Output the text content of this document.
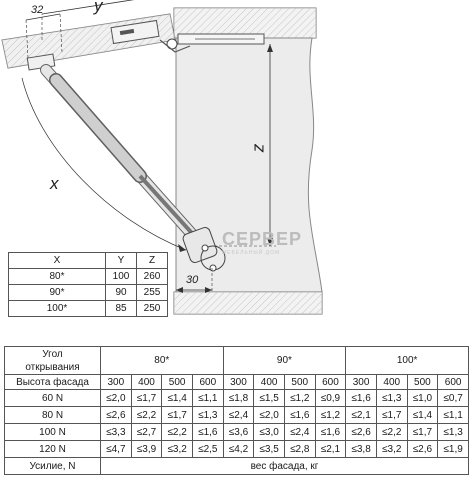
32	y
x
z
30
СЕРВЕР
МЕБЕЛЬНЫЙ ДОМ
X	Y	Z
80*	100	260
90*	90	255
100*	85	250
Угол	80*				90*				100*			
открывания												
Высота фасада	300	400	500	600	300	400	500	600	300	400	500	600
60 N	≤2,0	≤1,7	≤1,4	≤1,1	≤1,8	≤1,5	≤1,2	≤0,9	≤1,6	≤1,3	≤1,0	≤0,7
80 N	≤2,6	≤2,2	≤1,7	≤1,3	≤2,4	≤2,0	≤1,6	≤1,2	≤2,1	≤1,7	≤1,4	≤1,1
100 N	≤3,3	≤2,7	≤2,2	≤1,6	≤3,6	≤3,0	≤2,4	≤1,6	≤2,6	≤2,2	≤1,7	≤1,3
120 N	≤4,7	≤3,9	≤3,2	≤2,5	≤4,2	≤3,5	≤2,8	≤2,1	≤3,8	≤3,2	≤2,6	≤1,9
Усилие, N	вес фасада, кг											
